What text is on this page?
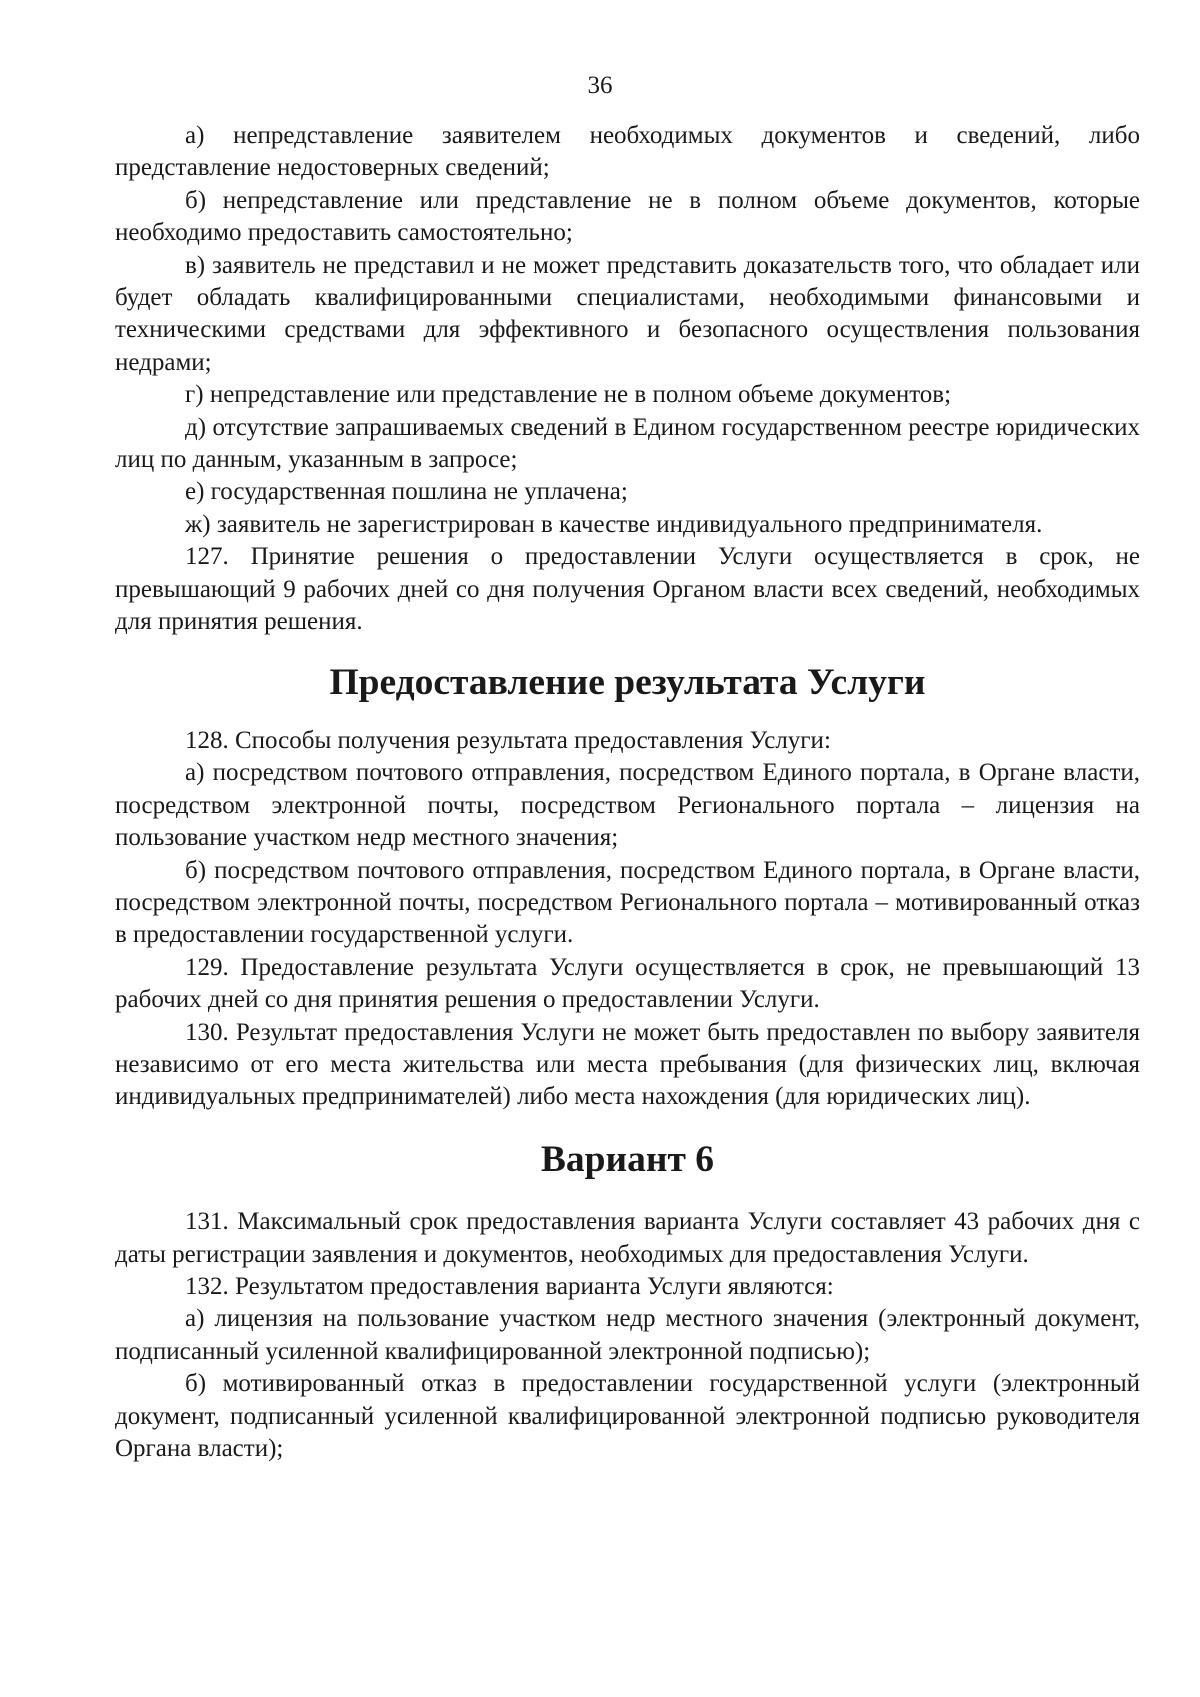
36

а) непредставление заявителем необходимых документов и сведений, либо представление недостоверных сведений;

б) непредставление или представление не в полном объеме документов, которые необходимо предоставить самостоятельно;

в) заявитель не представил и не может представить доказательств того, что обладает или будет обладать квалифицированными специалистами, необходимыми финансовыми и техническими средствами для эффективного и безопасного осуществления пользования недрами;

г) непредставление или представление не в полном объеме документов;

д) отсутствие запрашиваемых сведений в Едином государственном реестре юридических лиц по данным, указанным в запросе;

е) государственная пошлина не уплачена;

ж) заявитель не зарегистрирован в качестве индивидуального предпринимателя.

127. Принятие решения о предоставлении Услуги осуществляется в срок, не превышающий 9 рабочих дней со дня получения Органом власти всех сведений, необходимых для принятия решения.

Предоставление результата Услуги

128. Способы получения результата предоставления Услуги:

а) посредством почтового отправления, посредством Единого портала, в Органе власти, посредством электронной почты, посредством Регионального портала – лицензия на пользование участком недр местного значения;

б) посредством почтового отправления, посредством Единого портала, в Органе власти, посредством электронной почты, посредством Регионального портала – мотивированный отказ в предоставлении государственной услуги.

129. Предоставление результата Услуги осуществляется в срок, не превышающий 13 рабочих дней со дня принятия решения о предоставлении Услуги.

130. Результат предоставления Услуги не может быть предоставлен по выбору заявителя независимо от его места жительства или места пребывания (для физических лиц, включая индивидуальных предпринимателей) либо места нахождения (для юридических лиц).

Вариант 6

131. Максимальный срок предоставления варианта Услуги составляет 43 рабочих дня с даты регистрации заявления и документов, необходимых для предоставления Услуги.

132. Результатом предоставления варианта Услуги являются:

а) лицензия на пользование участком недр местного значения (электронный документ, подписанный усиленной квалифицированной электронной подписью);

б) мотивированный отказ в предоставлении государственной услуги (электронный документ, подписанный усиленной квалифицированной электронной подписью руководителя Органа власти);
